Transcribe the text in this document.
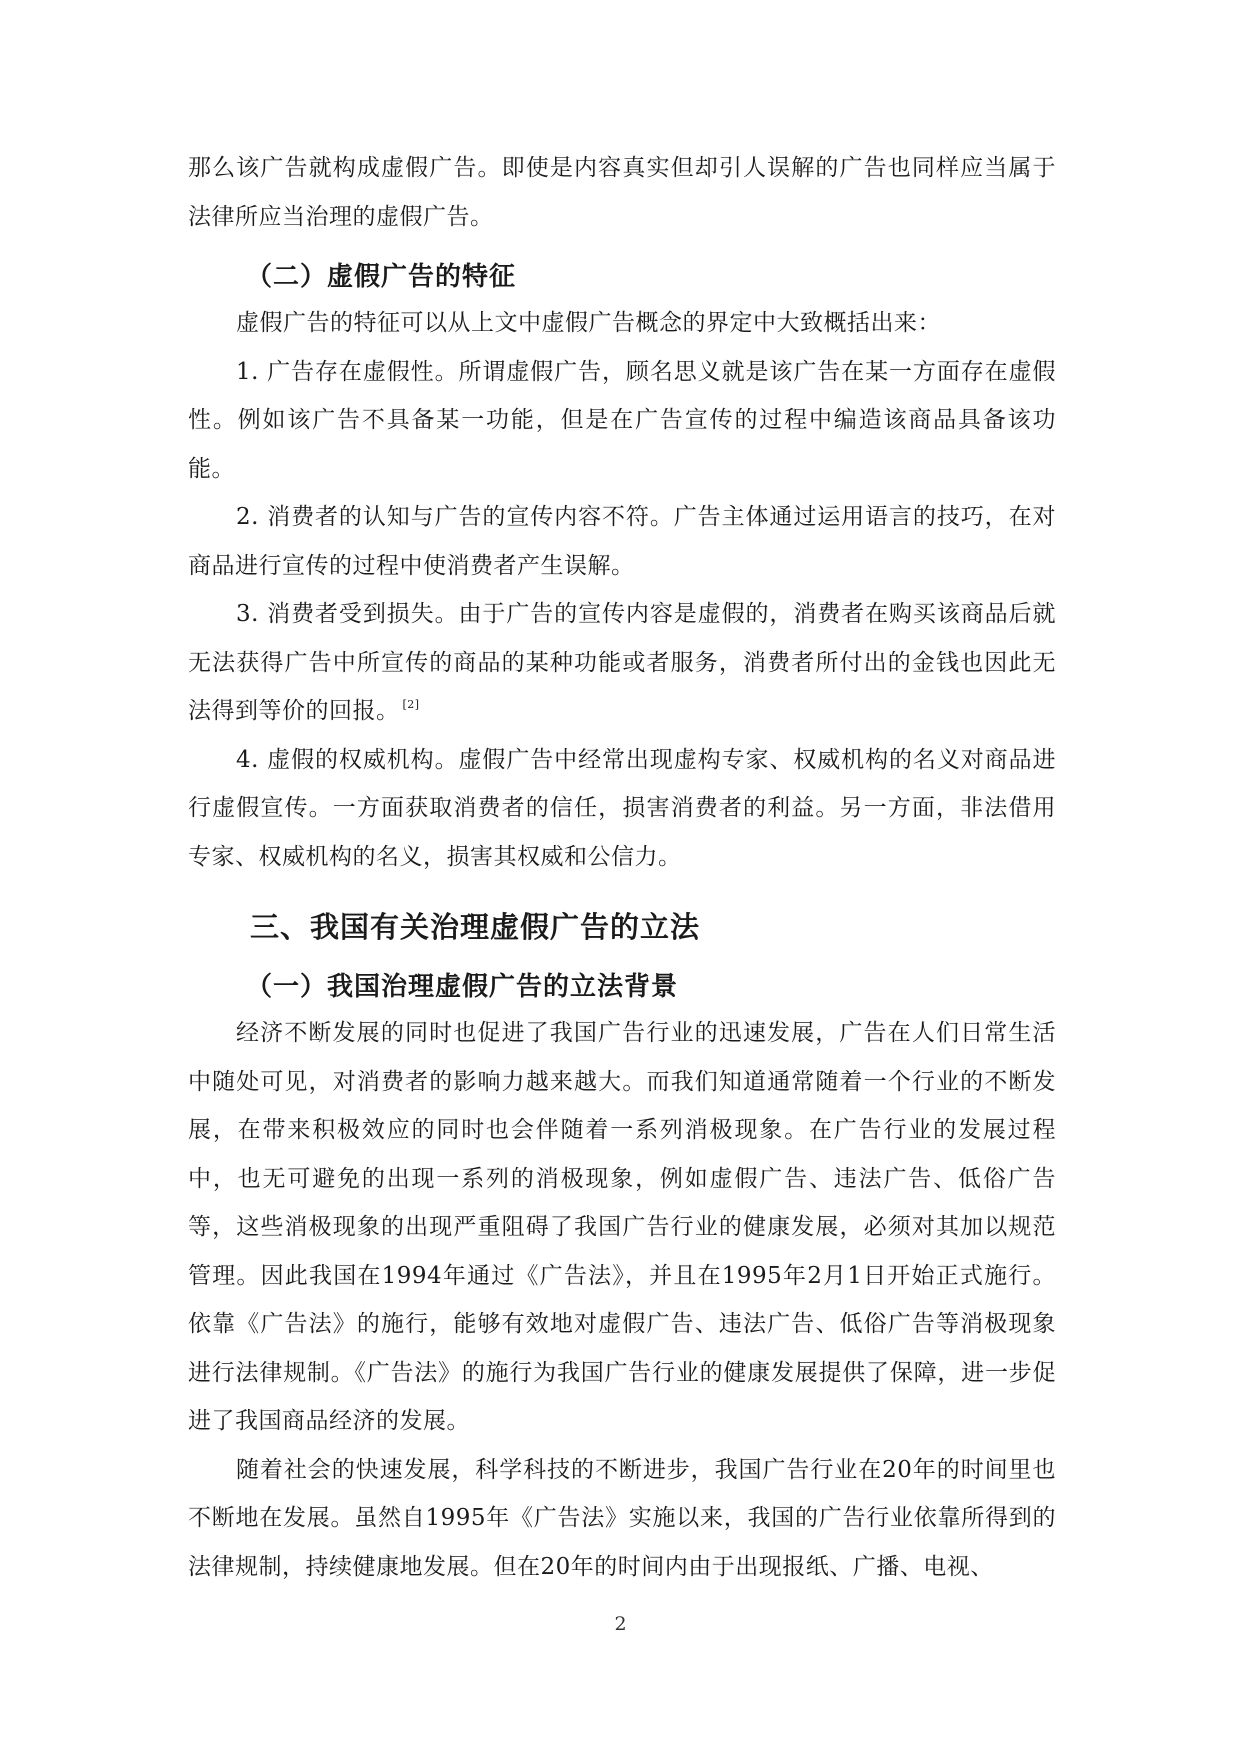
那么该广告就构成虚假广告。即使是内容真实但却引人误解的广告也同样应当属于法律所应当治理的虚假广告。

（二）虚假广告的特征

虚假广告的特征可以从上文中虚假广告概念的界定中大致概括出来：

1. 广告存在虚假性。所谓虚假广告，顾名思义就是该广告在某一方面存在虚假性。例如该广告不具备某一功能，但是在广告宣传的过程中编造该商品具备该功能。

2. 消费者的认知与广告的宣传内容不符。广告主体通过运用语言的技巧，在对商品进行宣传的过程中使消费者产生误解。

3. 消费者受到损失。由于广告的宣传内容是虚假的，消费者在购买该商品后就无法获得广告中所宣传的商品的某种功能或者服务，消费者所付出的金钱也因此无法得到等价的回报。 [2]

4. 虚假的权威机构。虚假广告中经常出现虚构专家、权威机构的名义对商品进行虚假宣传。一方面获取消费者的信任，损害消费者的利益。另一方面，非法借用专家、权威机构的名义，损害其权威和公信力。

三、我国有关治理虚假广告的立法
（一）我国治理虚假广告的立法背景

经济不断发展的同时也促进了我国广告行业的迅速发展，广告在人们日常生活中随处可见，对消费者的影响力越来越大。而我们知道通常随着一个行业的不断发展，在带来积极效应的同时也会伴随着一系列消极现象。在广告行业的发展过程中，也无可避免的出现一系列的消极现象，例如虚假广告、违法广告、低俗广告等，这些消极现象的出现严重阻碍了我国广告行业的健康发展，必须对其加以规范管理。因此我国在1994年通过《广告法》，并且在1995年2月1日开始正式施行。依靠《广告法》的施行，能够有效地对虚假广告、违法广告、低俗广告等消极现象进行法律规制。《广告法》的施行为我国广告行业的健康发展提供了保障，进一步促进了我国商品经济的发展。

随着社会的快速发展，科学科技的不断进步，我国广告行业在20年的时间里也不断地在发展。虽然自1995年《广告法》实施以来，我国的广告行业依靠所得到的法律规制，持续健康地发展。但在20年的时间内由于出现报纸、广播、电视、

2
